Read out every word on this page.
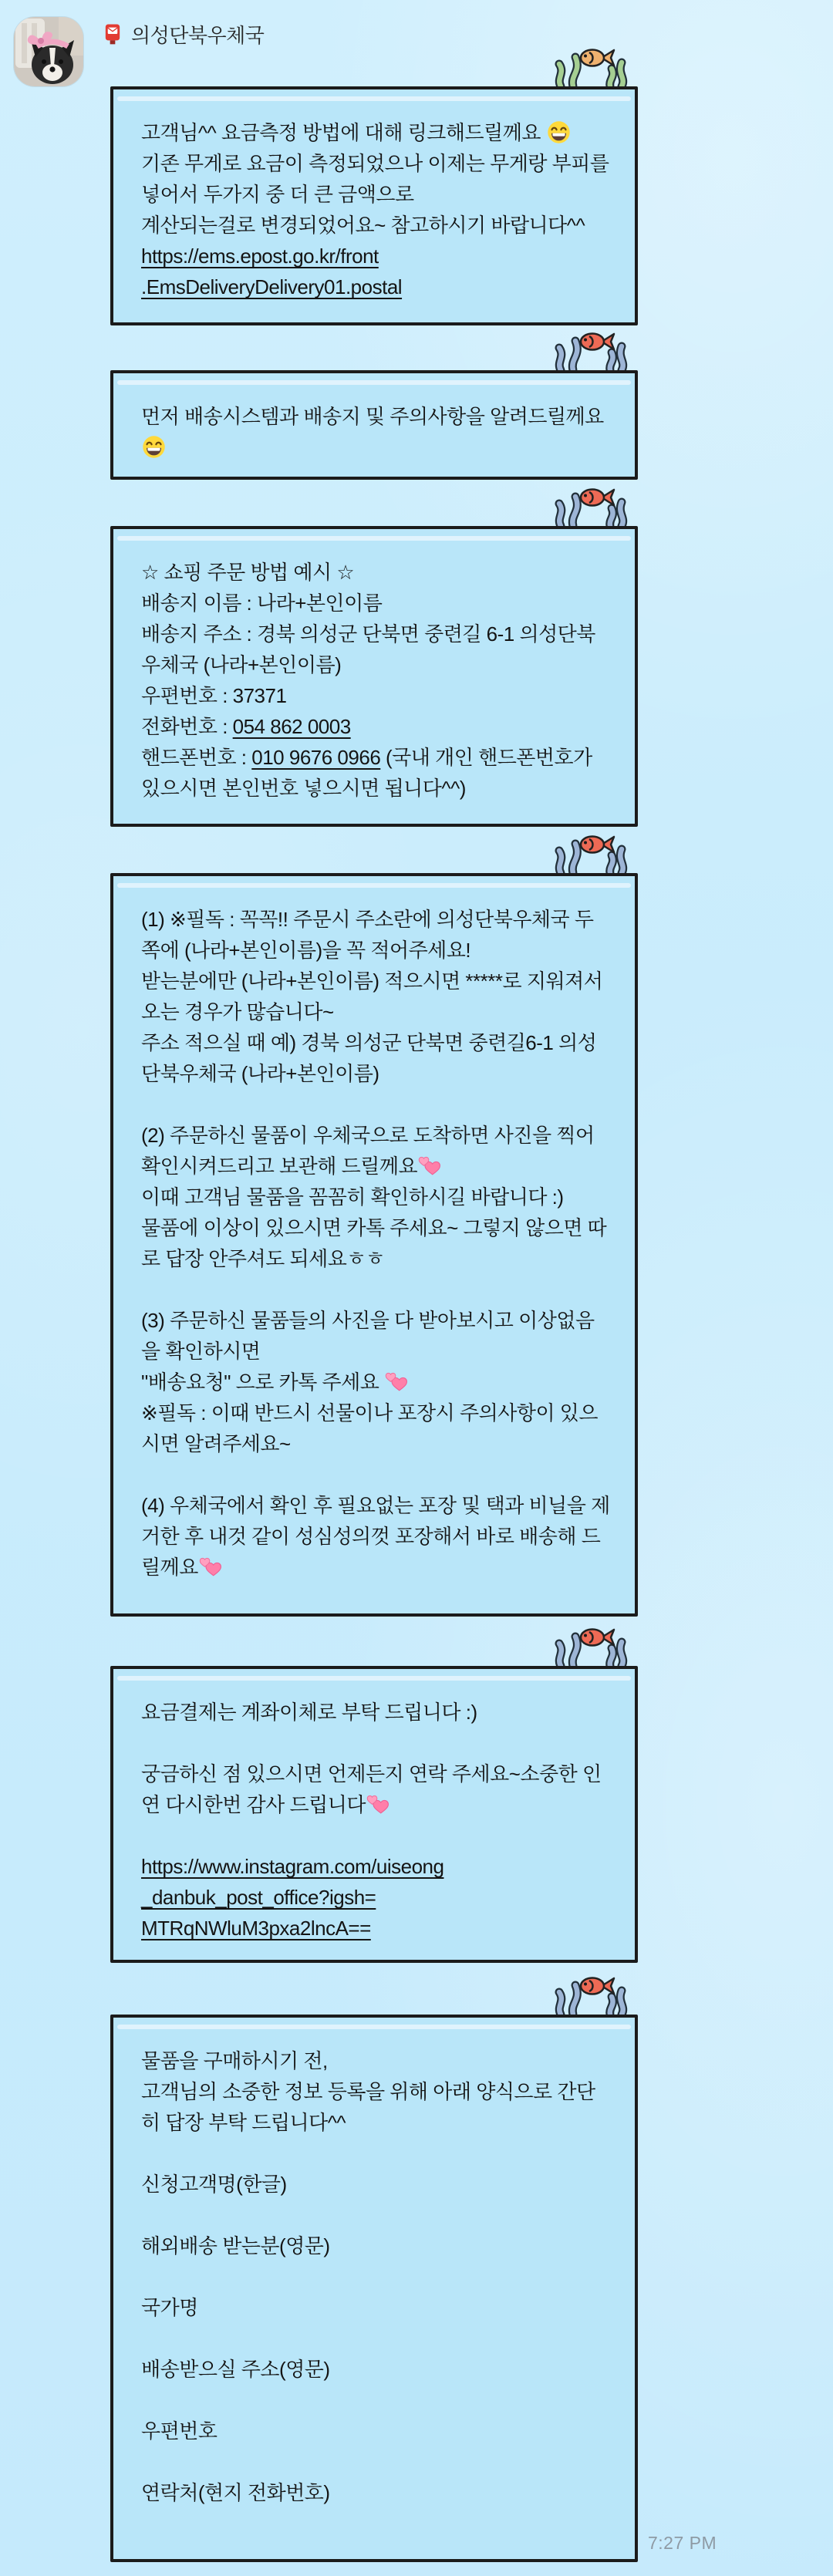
의성단북우체국
고객님^^ 요금측정 방법에 대해 링크해드릴께요
기존 무게로 요금이 측정되었으나 이제는 무게랑 부피를 넣어서 두가지 중 더 큰 금액으로
계산되는걸로 변경되었어요~ 참고하시기 바랍니다^^
https://ems.epost.go.kr/front
.EmsDeliveryDelivery01.postal
먼저 배송시스템과 배송지 및 주의사항을 알려드릴께요
☆ 쇼핑 주문 방법 예시 ☆
배송지 이름 : 나라+본인이름
배송지 주소 : 경북 의성군 단북면 중련길 6-1 의성단북우체국 (나라+본인이름)
우편번호 : 37371
전화번호 : 054 862 0003
핸드폰번호 : 010 9676 0966 (국내 개인 핸드폰번호가 있으시면 본인번호 넣으시면 됩니다^^)
(1) ※필독 : 꼭꼭!! 주문시 주소란에 의성단북우체국 두쪽에 (나라+본인이름)을 꼭 적어주세요!
받는분에만 (나라+본인이름) 적으시면 *****로 지워져서 오는 경우가 많습니다~
주소 적으실 때 예) 경북 의성군 단북면 중련길6-1 의성단북우체국 (나라+본인이름)

(2) 주문하신 물품이 우체국으로 도착하면 사진을 찍어 확인시켜드리고 보관해 드릴께요
이때 고객님 물품을 꼼꼼히 확인하시길 바랍니다 :)
물품에 이상이 있으시면 카톡 주세요~ 그렇지 않으면 따로 답장 안주셔도 되세요ㅎㅎ

(3) 주문하신 물품들의 사진을 다 받아보시고 이상없음을 확인하시면
"배송요청" 으로 카톡 주세요
※필독 : 이때 반드시 선물이나 포장시 주의사항이 있으시면 알려주세요~

(4) 우체국에서 확인 후 필요없는 포장 및 택과 비닐을 제거한 후 내것 같이 성심성의껏 포장해서 바로 배송해 드릴께요
요금결제는 계좌이체로 부탁 드립니다 :)

궁금하신 점 있으시면 언제든지 연락 주세요~소중한 인연 다시한번 감사 드립니다

https://www.instagram.com/uiseong
_danbuk_post_office?igsh=
MTRqNWluM3pxa2lncA==
물품을 구매하시기 전,
고객님의 소중한 정보 등록을 위해 아래 양식으로 간단히 답장 부탁 드립니다^^

신청고객명(한글)

해외배송 받는분(영문)

국가명

배송받으실 주소(영문)

우편번호

연락처(현지 전화번호)
7:27 PM
